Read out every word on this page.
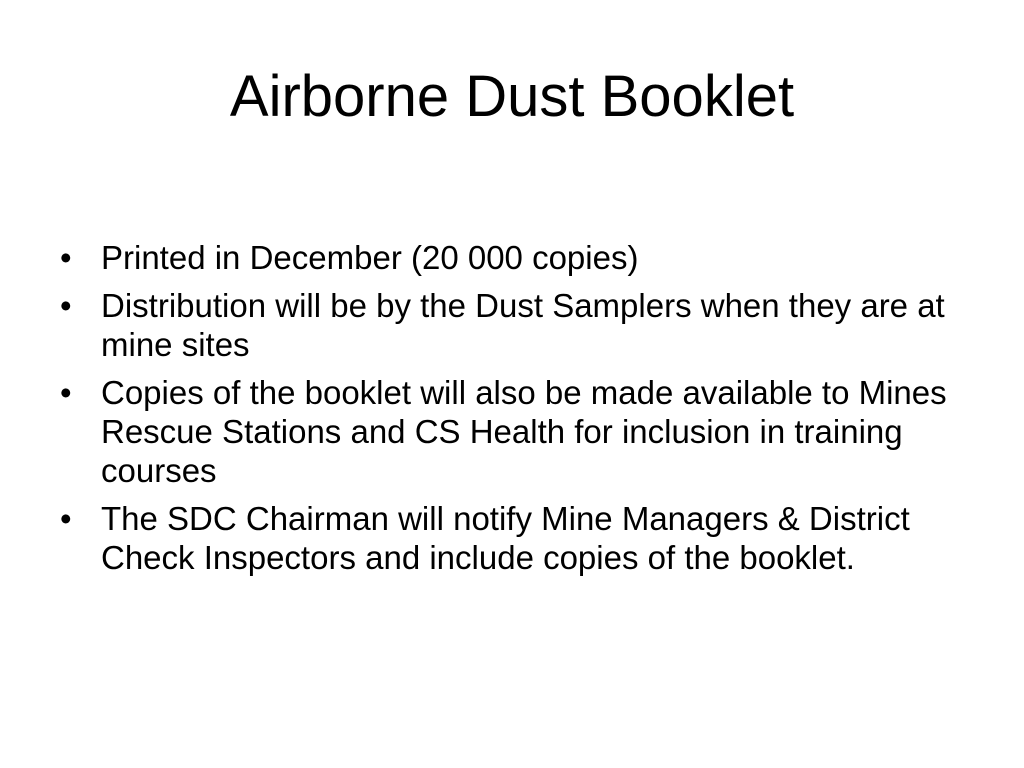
Airborne Dust Booklet
• Printed in December (20 000 copies)
• Distribution will be by the Dust Samplers when they are at mine sites
• Copies of the booklet will also be made available to Mines Rescue Stations and CS Health for inclusion in training courses
• The SDC Chairman will notify Mine Managers & District Check Inspectors and include copies of the booklet.
